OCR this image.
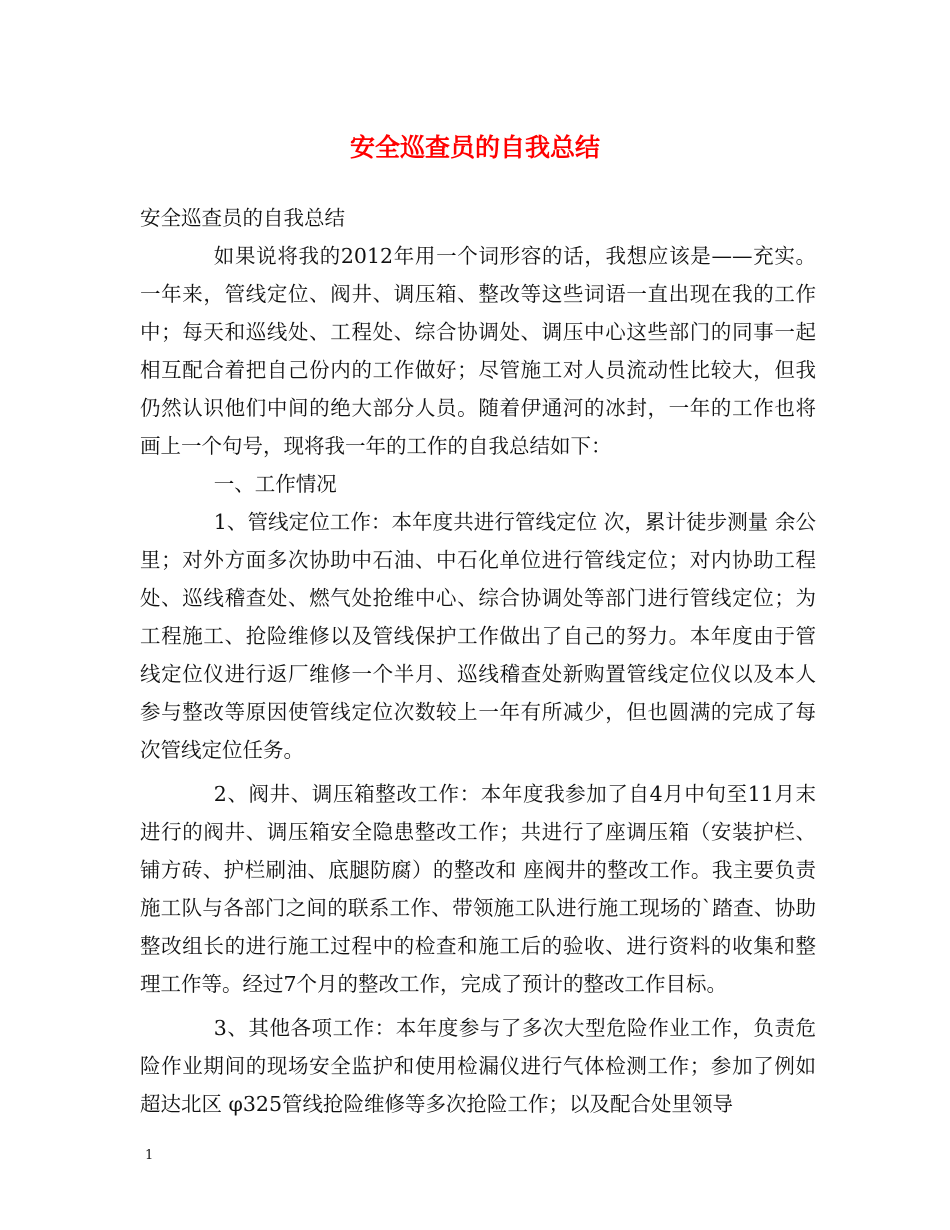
安全巡查员的自我总结

安全巡查员的自我总结

如果说将我的2012年用一个词形容的话，我想应该是——充实。一年来，管线定位、阀井、调压箱、整改等这些词语一直出现在我的工作中；每天和巡线处、工程处、综合协调处、调压中心这些部门的同事一起相互配合着把自己份内的工作做好；尽管施工对人员流动性比较大，但我仍然认识他们中间的绝大部分人员。随着伊通河的冰封，一年的工作也将画上一个句号，现将我一年的工作的自我总结如下：

一、工作情况

1、管线定位工作：本年度共进行管线定位 次，累计徒步测量 余公里；对外方面多次协助中石油、中石化单位进行管线定位；对内协助工程处、巡线稽查处、燃气处抢维中心、综合协调处等部门进行管线定位；为工程施工、抢险维修以及管线保护工作做出了自己的努力。本年度由于管线定位仪进行返厂维修一个半月、巡线稽查处新购置管线定位仪以及本人参与整改等原因使管线定位次数较上一年有所减少，但也圆满的完成了每次管线定位任务。

2、阀井、调压箱整改工作：本年度我参加了自4月中旬至11月末进行的阀井、调压箱安全隐患整改工作；共进行了座调压箱（安装护栏、铺方砖、护栏刷油、底腿防腐）的整改和 座阀井的整改工作。我主要负责施工队与各部门之间的联系工作、带领施工队进行施工现场的`踏查、协助整改组长的进行施工过程中的检查和施工后的验收、进行资料的收集和整理工作等。经过7个月的整改工作，完成了预计的整改工作目标。

3、其他各项工作：本年度参与了多次大型危险作业工作，负责危险作业期间的现场安全监护和使用检漏仪进行气体检测工作；参加了例如超达北区 φ325管线抢险维修等多次抢险工作；以及配合处里领导

1
